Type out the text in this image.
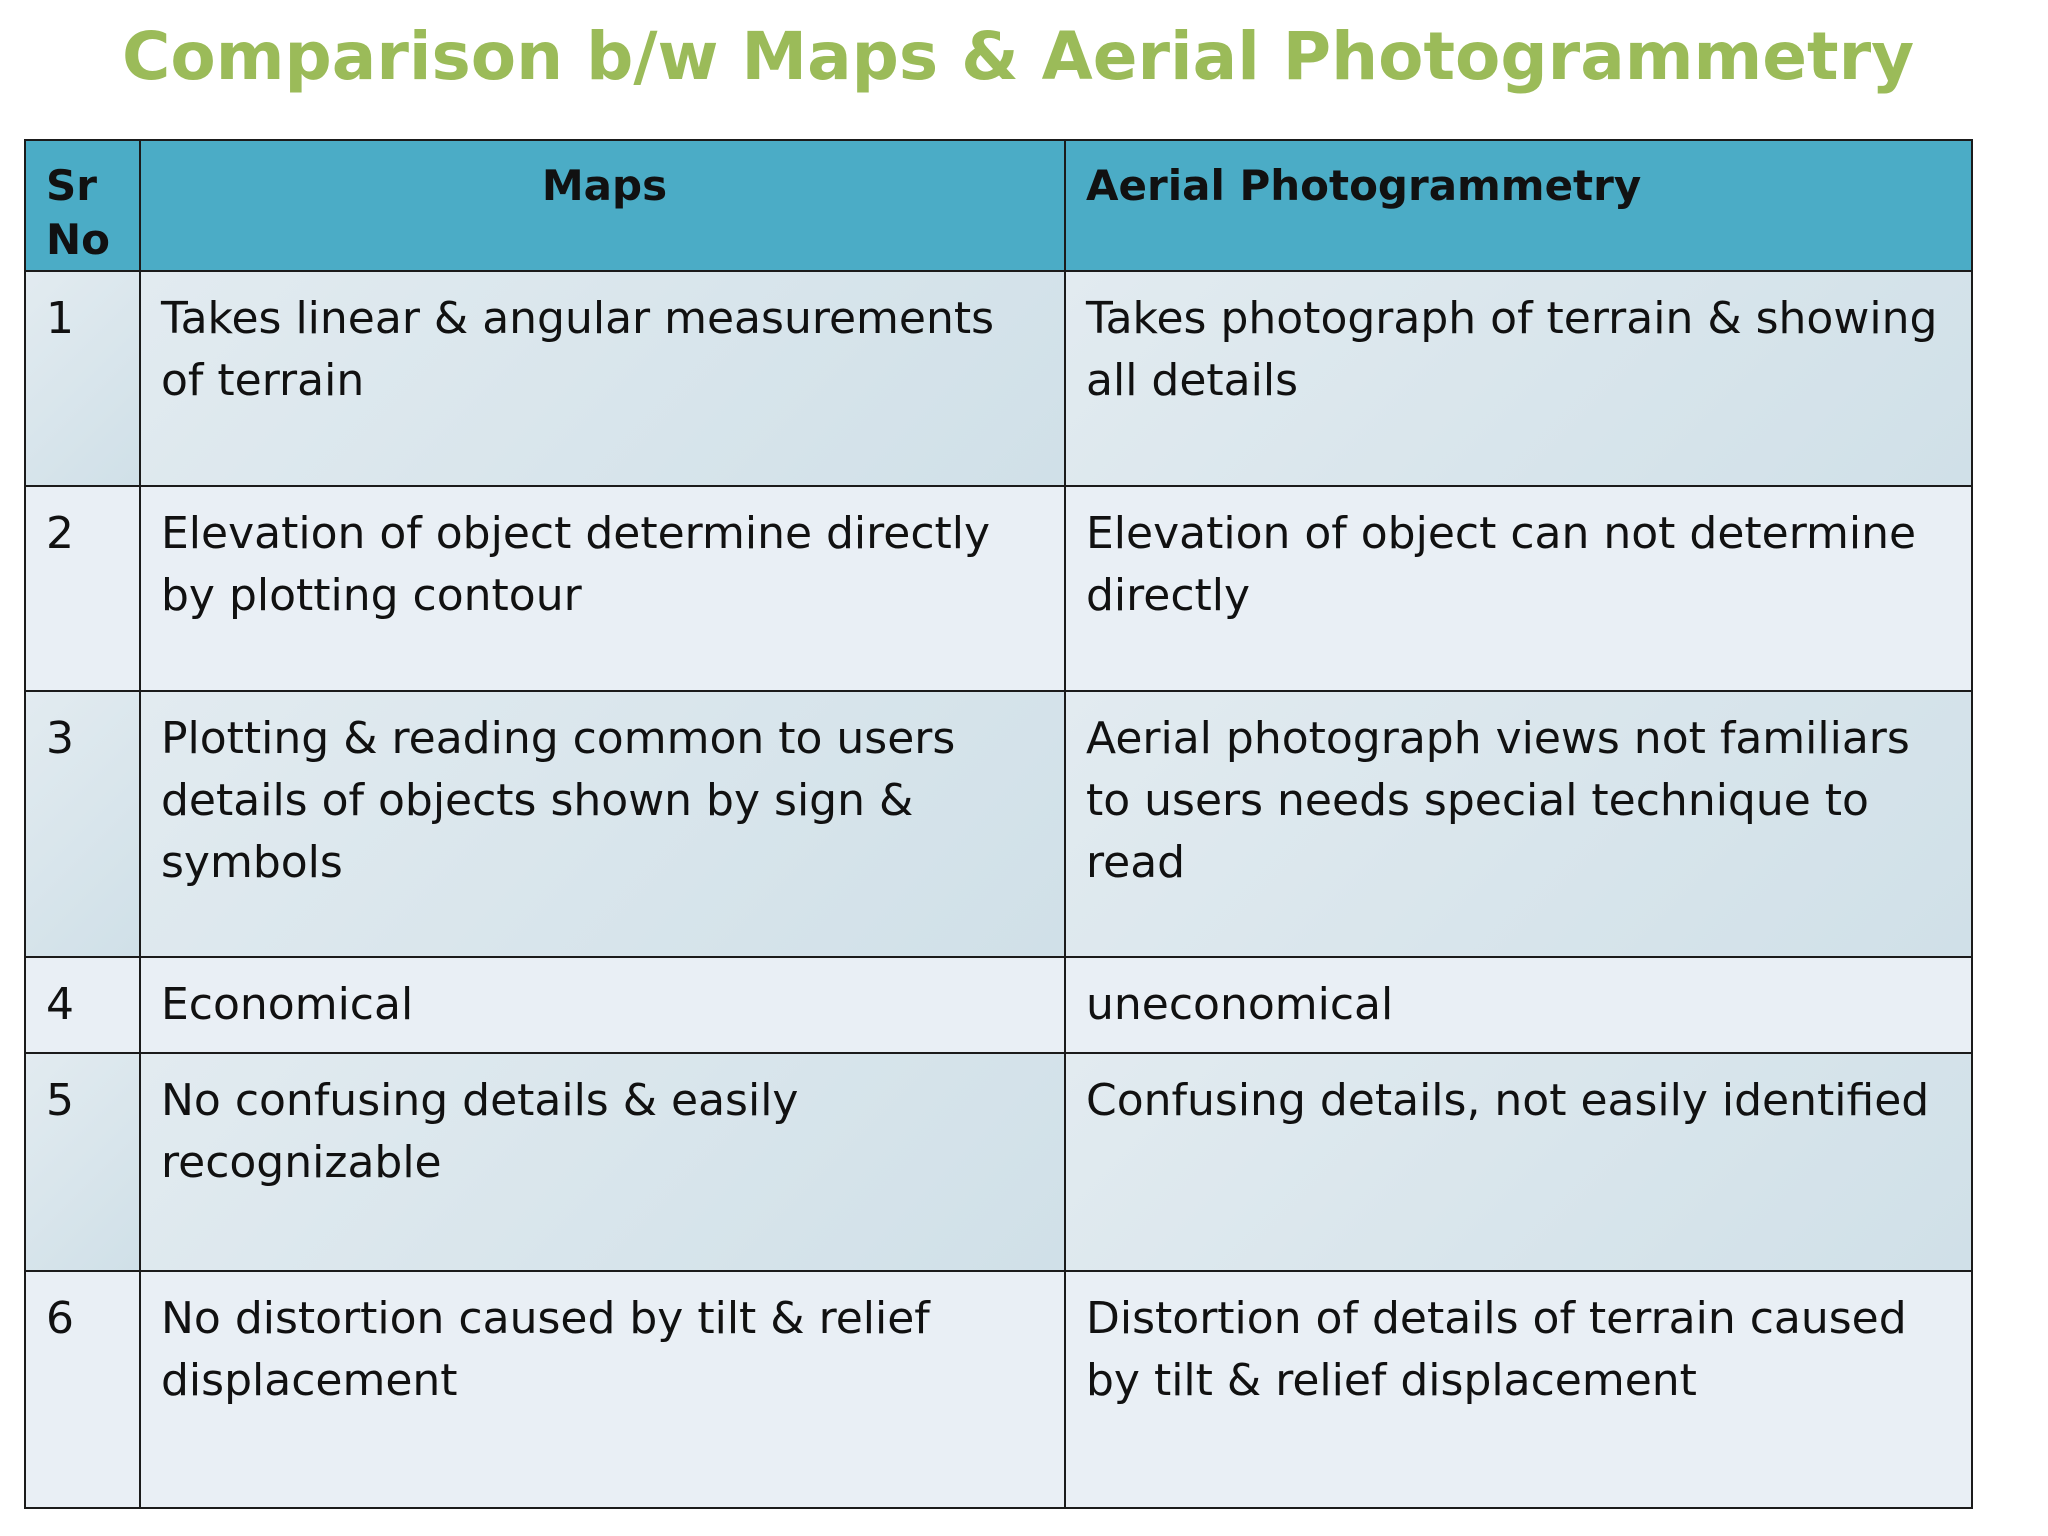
Comparison b/w Maps & Aerial Photogrammetry
Sr
No	Maps	Aerial Photogrammetry
1	Takes linear & angular measurements of terrain	Takes photograph of terrain & showing all details
2	Elevation of object determine directly by plotting contour	Elevation of object can not determine directly
3	Plotting & reading common to users details of objects shown by sign & symbols	Aerial photograph views not familiars to users needs special technique to read
4	Economical	uneconomical
5	No confusing details & easily recognizable	Confusing details, not easily identified
6	No distortion caused by tilt & relief displacement	Distortion of details of terrain caused by tilt & relief displacement
